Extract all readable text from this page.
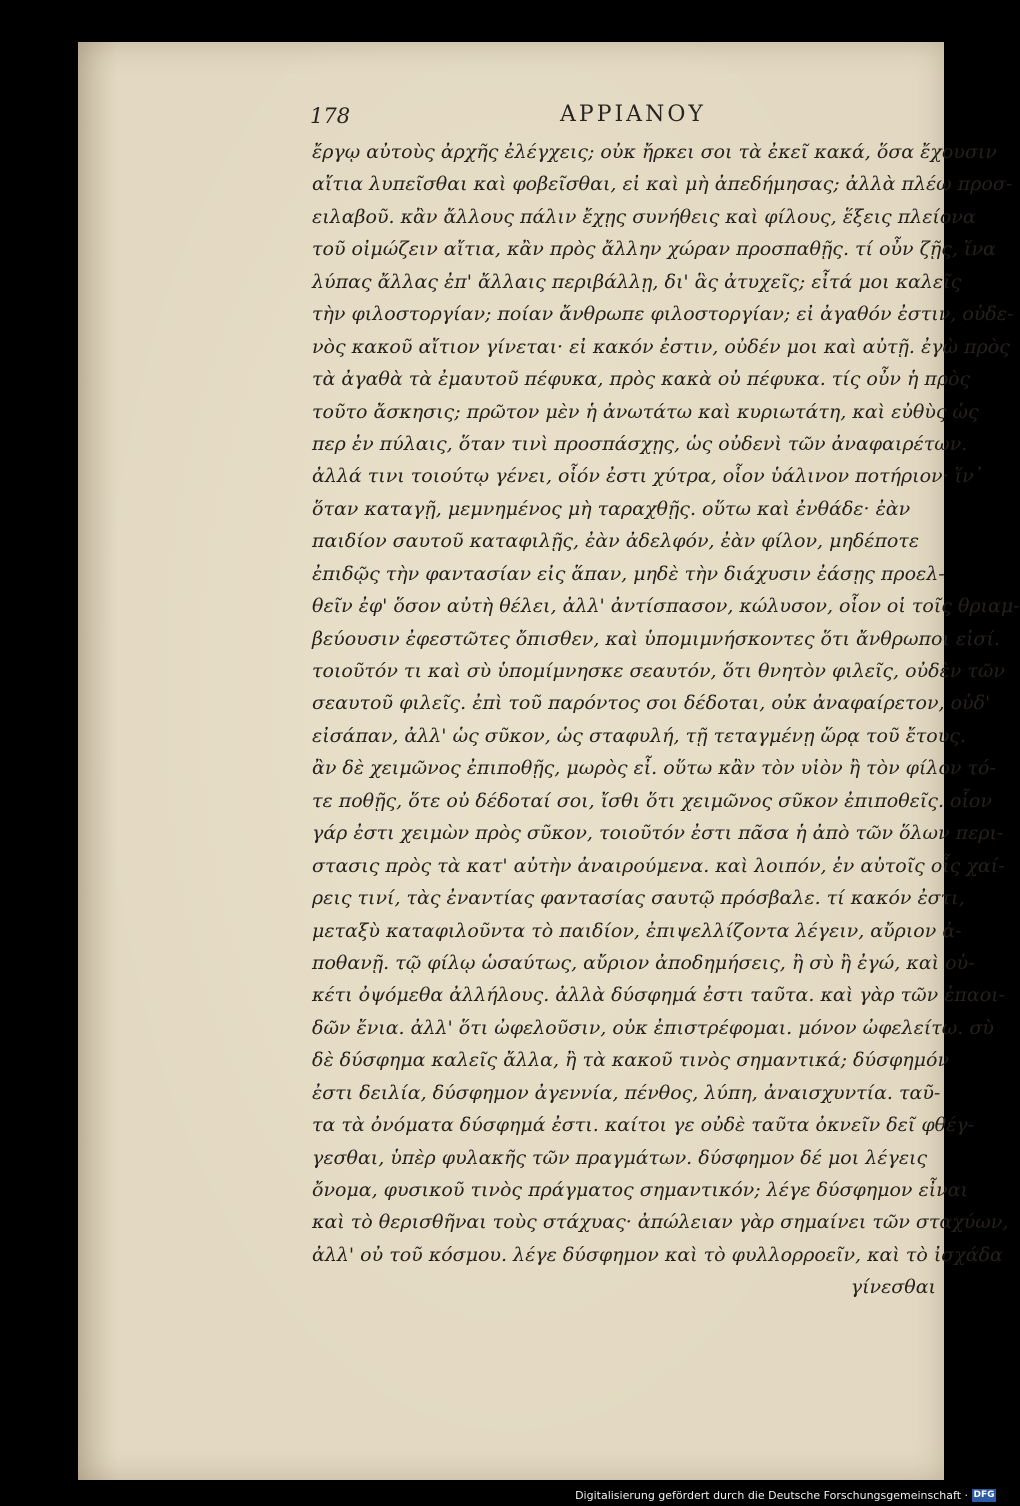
178	ΑΡΡΙΑΝΟΥ
ἔργῳ αὐτοὺς ἀρχῆς ἐλέγχεις; οὐκ ἤρκει σοι τὰ ἐκεῖ κακά, ὅσα ἔχουσιν
αἴτια λυπεῖσθαι καὶ φοβεῖσθαι, εἰ καὶ μὴ ἀπεδήμησας; ἀλλὰ πλέω προσ-
ειλαβοῦ. κἂν ἄλλους πάλιν ἔχῃς συνήθεις καὶ φίλους, ἕξεις πλείονα
τοῦ οἰμώζειν αἴτια, κἂν πρὸς ἄλλην χώραν προσπαθῇς. τί οὖν ζῇς, ἵνα
λύπας ἄλλας ἐπ' ἄλλαις περιβάλλῃ, δι' ἃς ἀτυχεῖς; εἶτά μοι καλεῖς
τὴν φιλοστοργίαν; ποίαν ἄνθρωπε φιλοστοργίαν; εἰ ἀγαθόν ἐστιν, οὐδε-
νὸς κακοῦ αἴτιον γίνεται· εἰ κακόν ἐστιν, οὐδέν μοι καὶ αὐτῇ. ἐγὼ πρὸς
τὰ ἀγαθὰ τὰ ἐμαυτοῦ πέφυκα, πρὸς κακὰ οὐ πέφυκα. τίς οὖν ἡ πρὸς
τοῦτο ἄσκησις; πρῶτον μὲν ἡ ἀνωτάτω καὶ κυριωτάτη, καὶ εὐθὺς ὡς
περ ἐν πύλαις, ὅταν τινὶ προσπάσχῃς, ὡς οὐδενὶ τῶν ἀναφαιρέτων.
ἀλλά τινι τοιούτῳ γένει, οἷόν ἐστι χύτρα, οἷον ὑάλινον ποτήριον· ἵν᾿
ὅταν καταγῇ, μεμνημένος μὴ ταραχθῇς. οὕτω καὶ ἐνθάδε· ἐὰν
παιδίον σαυτοῦ καταφιλῇς, ἐὰν ἀδελφόν, ἐὰν φίλον, μηδέποτε
ἐπιδῷς τὴν φαντασίαν εἰς ἅπαν, μηδὲ τὴν διάχυσιν ἐάσῃς προελ-
θεῖν ἐφ' ὅσον αὐτὴ θέλει, ἀλλ' ἀντίσπασον, κώλυσον, οἷον οἱ τοῖς θριαμ-
βεύουσιν ἐφεστῶτες ὄπισθεν, καὶ ὑπομιμνήσκοντες ὅτι ἄνθρωποι εἰσί.
τοιοῦτόν τι καὶ σὺ ὑπομίμνησκε σεαυτόν, ὅτι θνητὸν φιλεῖς, οὐδὲν τῶν
σεαυτοῦ φιλεῖς. ἐπὶ τοῦ παρόντος σοι δέδοται, οὐκ ἀναφαίρετον, οὐδ'
εἰσάπαν, ἀλλ' ὡς σῦκον, ὡς σταφυλή, τῇ τεταγμένῃ ὥρᾳ τοῦ ἔτους.
ἂν δὲ χειμῶνος ἐπιποθῇς, μωρὸς εἶ. οὕτω κἂν τὸν υἱὸν ἢ τὸν φίλον τό-
τε ποθῇς, ὅτε οὐ δέδοταί σοι, ἴσθι ὅτι χειμῶνος σῦκον ἐπιποθεῖς. οἷον
γάρ ἐστι χειμὼν πρὸς σῦκον, τοιοῦτόν ἐστι πᾶσα ἡ ἀπὸ τῶν ὅλων περι-
στασις πρὸς τὰ κατ' αὐτὴν ἀναιρούμενα. καὶ λοιπόν, ἐν αὐτοῖς οἷς χαί-
ρεις τινί, τὰς ἐναντίας φαντασίας σαυτῷ πρόσβαλε. τί κακόν ἐστι,
μεταξὺ καταφιλοῦντα τὸ παιδίον, ἐπιψελλίζοντα λέγειν, αὔριον ἀ-
ποθανῇ. τῷ φίλῳ ὡσαύτως, αὔριον ἀποδημήσεις, ἢ σὺ ἢ ἐγώ, καὶ οὐ-
κέτι ὀψόμεθα ἀλλήλους. ἀλλὰ δύσφημά ἐστι ταῦτα. καὶ γὰρ τῶν ἐπαοι-
δῶν ἔνια. ἀλλ' ὅτι ὠφελοῦσιν, οὐκ ἐπιστρέφομαι. μόνον ὠφελείτω. σὺ
δὲ δύσφημα καλεῖς ἄλλα, ἢ τὰ κακοῦ τινὸς σημαντικά; δύσφημόν
ἐστι δειλία, δύσφημον ἀγεννία, πένθος, λύπη, ἀναισχυντία. ταῦ-
τα τὰ ὀνόματα δύσφημά ἐστι. καίτοι γε οὐδὲ ταῦτα ὀκνεῖν δεῖ φθέγ-
γεσθαι, ὑπὲρ φυλακῆς τῶν πραγμάτων. δύσφημον δέ μοι λέγεις
ὄνομα, φυσικοῦ τινὸς πράγματος σημαντικόν; λέγε δύσφημον εἶναι
καὶ τὸ θερισθῆναι τοὺς στάχυας· ἀπώλειαν γὰρ σημαίνει τῶν σταχύων,
ἀλλ' οὐ τοῦ κόσμου. λέγε δύσφημον καὶ τὸ φυλλορροεῖν, καὶ τὸ ἰσχάδα
γίνεσθαι
Digitalisierung gefördert durch die Deutsche Forschungsgemeinschaft · DFG
